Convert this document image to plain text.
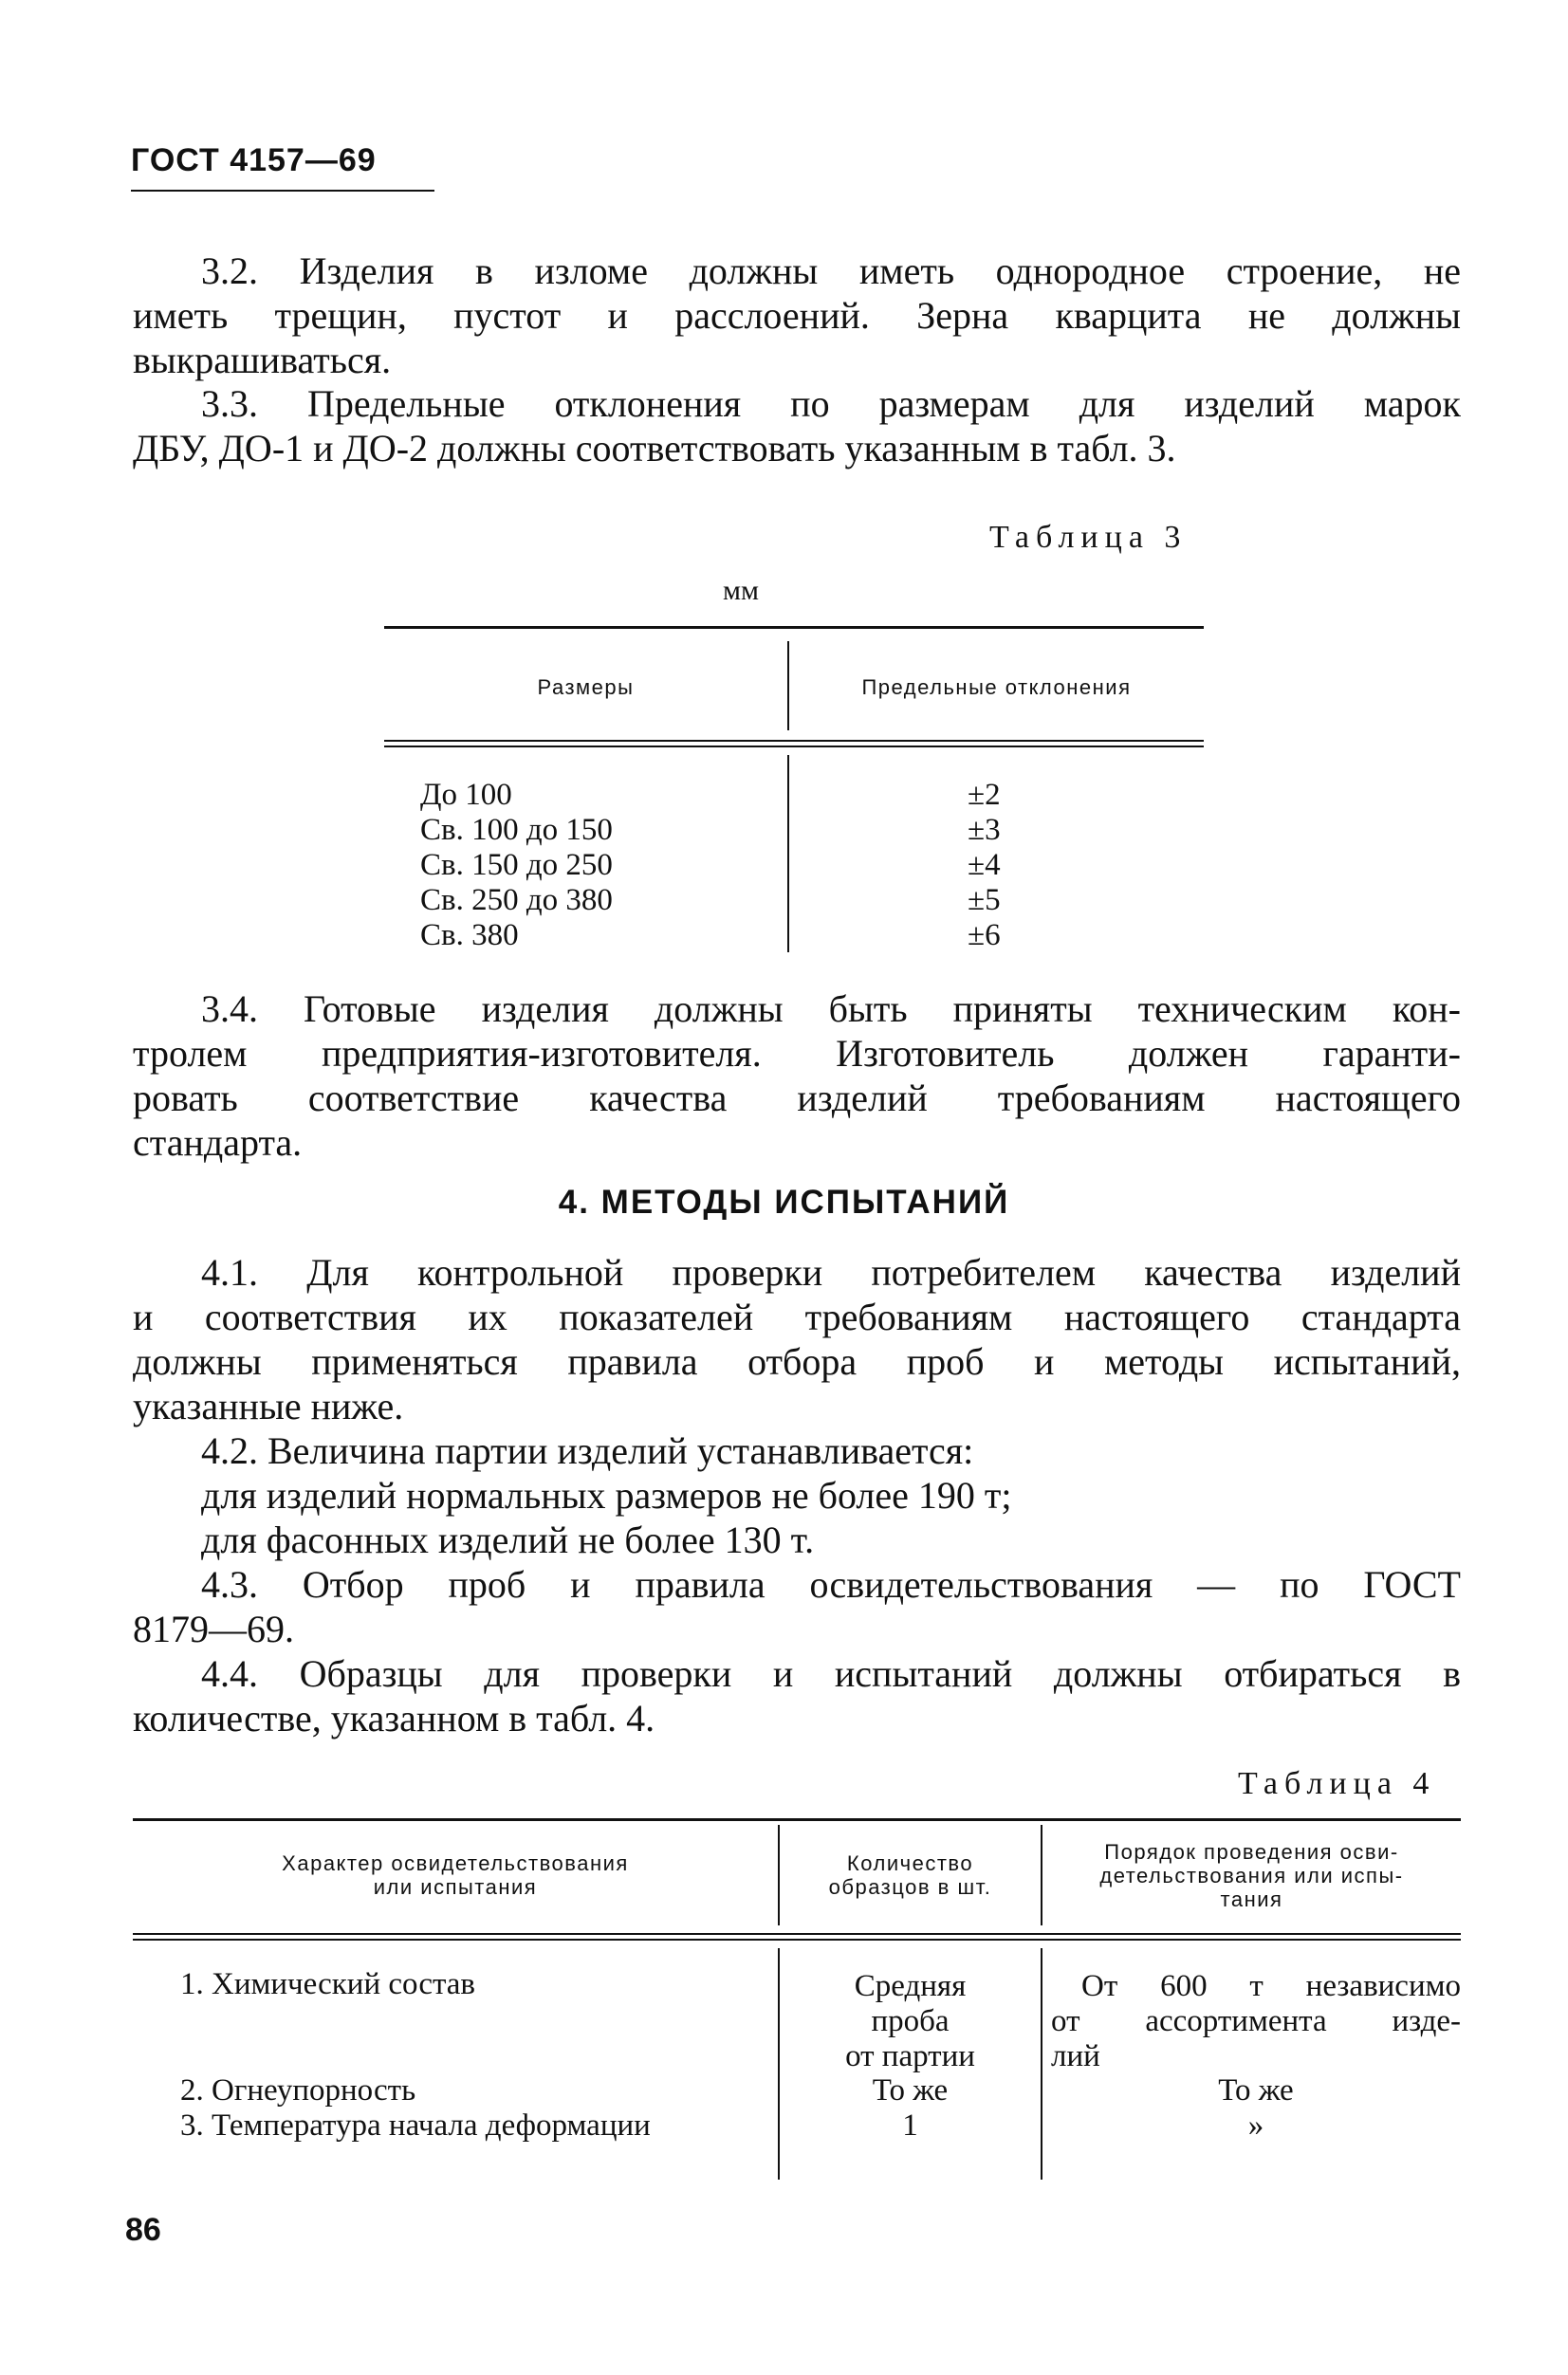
ГОСТ 4157—69
3.2. Изделия в изломе должны иметь однородное строение, не
иметь трещин, пустот и расслоений. Зерна кварцита не должны
выкрашиваться.
3.3. Предельные отклонения по размерам для изделий марок
ДБУ, ДО-1 и ДО-2 должны соответствовать указанным в табл. 3.
Таблица 3
мм
Размеры	Предельные отклонения
До 100
Св. 100 до 150
Св. 150 до 250
Св. 250 до 380
Св. 380
±2
±3
±4
±5
±6
3.4. Готовые изделия должны быть приняты техническим кон-
тролем предприятия-изготовителя. Изготовитель должен гаранти-
ровать соответствие качества изделий требованиям настоящего
стандарта.
4. МЕТОДЫ ИСПЫТАНИЙ
4.1. Для контрольной проверки потребителем качества изделий
и соответствия их показателей требованиям настоящего стандарта
должны применяться правила отбора проб и методы испытаний,
указанные ниже.
4.2. Величина партии изделий устанавливается:
для изделий нормальных размеров не более 190 т;
для фасонных изделий не более 130 т.
4.3. Отбор проб и правила освидетельствования — по ГОСТ
8179—69.
4.4. Образцы для проверки и испытаний должны отбираться в
количестве, указанном в табл. 4.
Таблица 4
Характер освидетельствования
или испытания
Количество
образцов в шт.
Порядок проведения осви-
детельствования или испы-
тания
1. Химический состав
2. Огнеупорность
3. Температура начала деформации
Средняя
проба
от партии
То же
1
От 600 т независимо
от ассортимента изде-
лий
То же
»
86
